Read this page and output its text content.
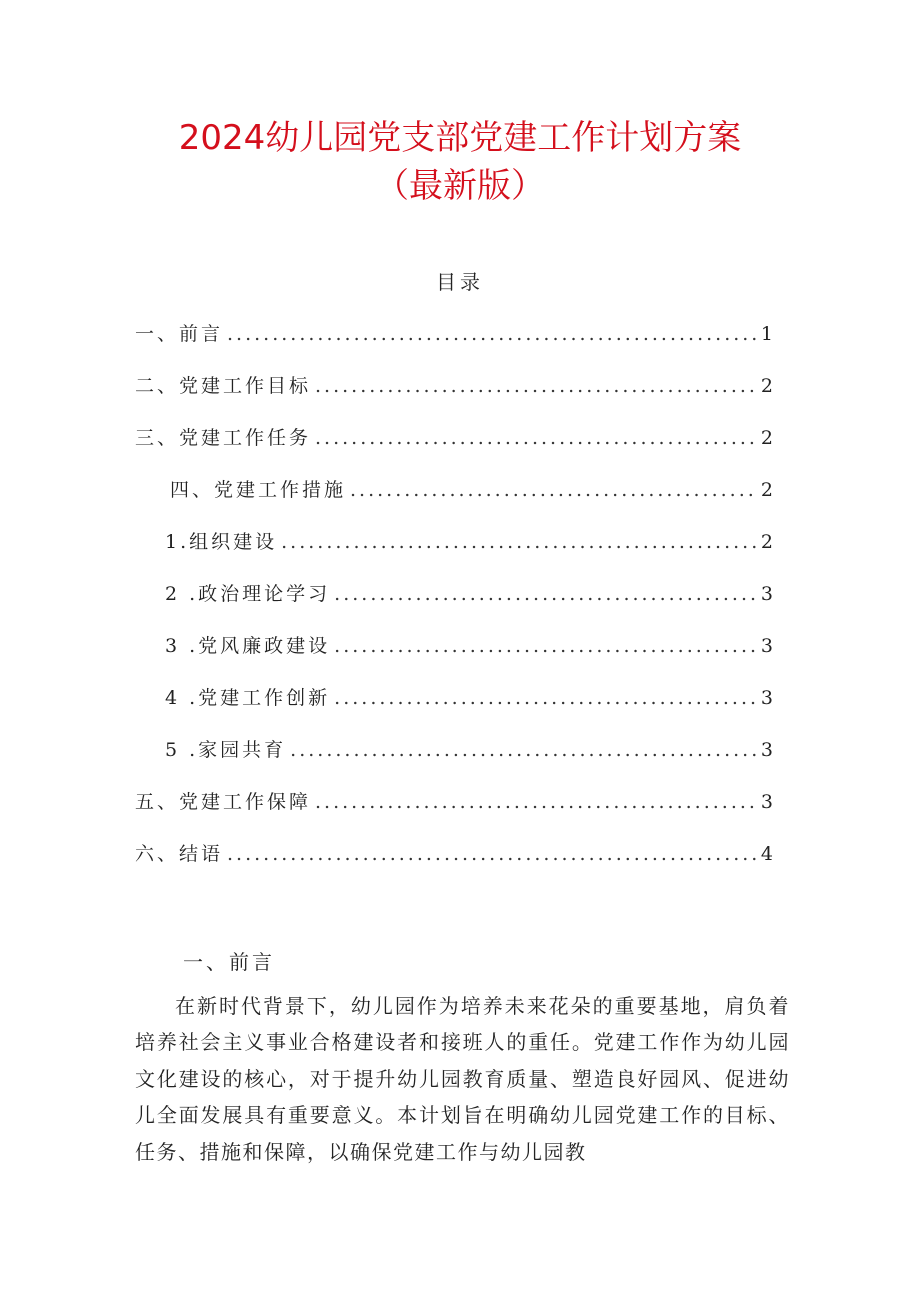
2024幼儿园党支部党建工作计划方案
（最新版）
目录
一、前言 .....	1
二、党建工作目标 .....	2
三、党建工作任务 .....	2
四、党建工作措施 .....	2
1.组织建设 .....	2
2 .政治理论学习 .....	3
3 .党风廉政建设 .....	3
4 .党建工作创新 .....	3
5 .家园共育 .....	3
五、党建工作保障 .....	3
六、结语 .....	4
一、前言

在新时代背景下，幼儿园作为培养未来花朵的重要基地，肩负着培养社会主义事业合格建设者和接班人的重任。党建工作作为幼儿园文化建设的核心，对于提升幼儿园教育质量、塑造良好园风、促进幼儿全面发展具有重要意义。本计划旨在明确幼儿园党建工作的目标、任务、措施和保障，以确保党建工作与幼儿园教
